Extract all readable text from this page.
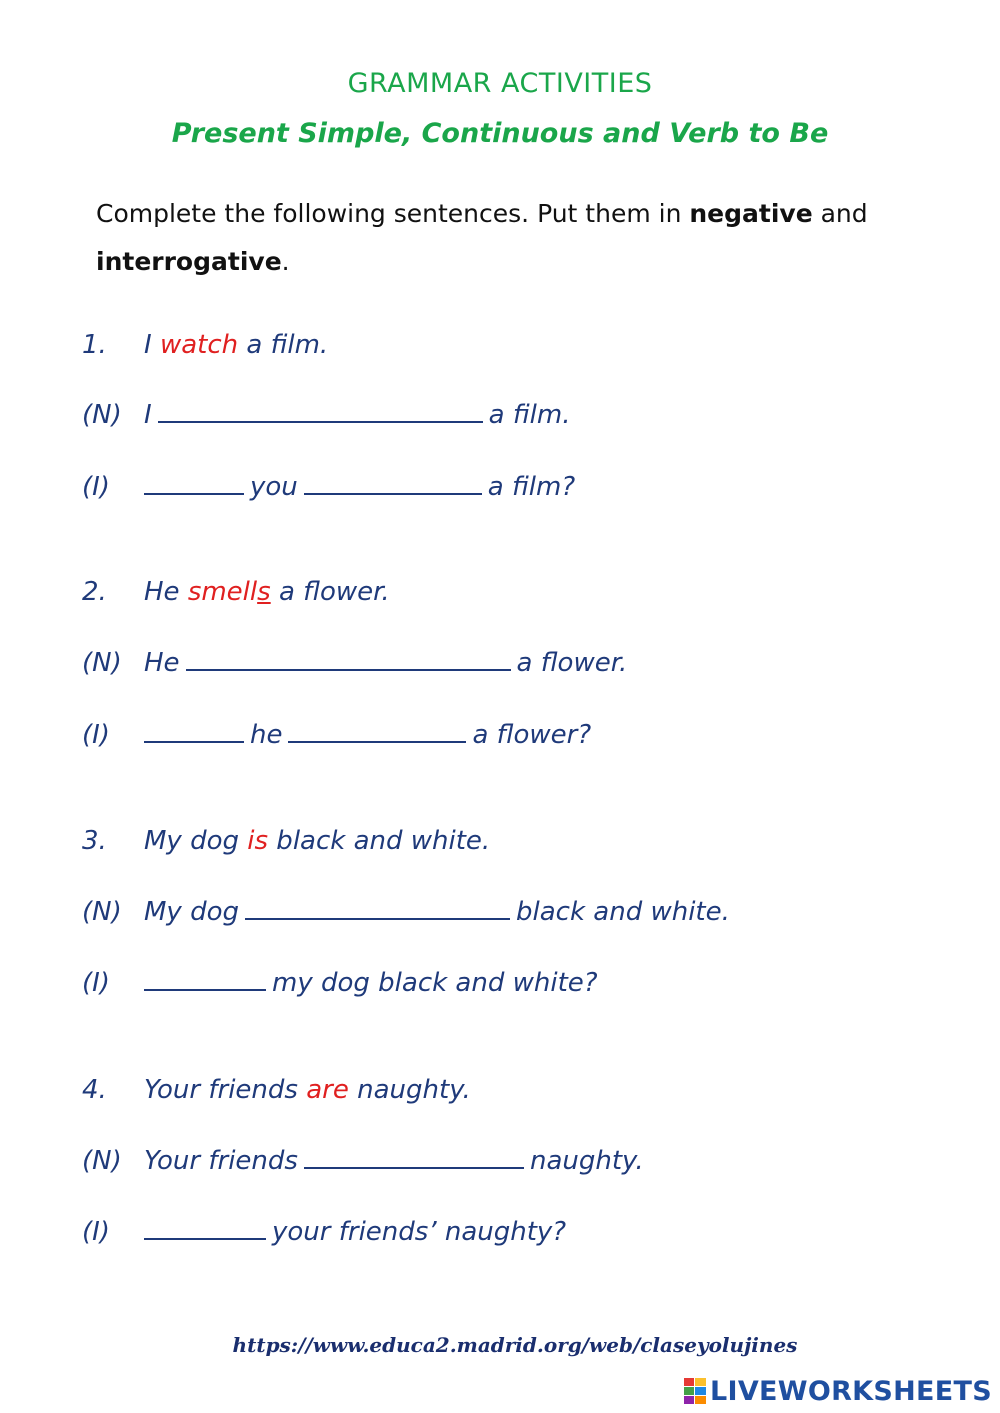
GRAMMAR ACTIVITIES
Present Simple, Continuous and Verb to Be
Complete the following sentences. Put them in negative and
interrogative.
1. I watch a film.
(N) I	a film.
(I)	you	a film?
2. He smells a flower.
(N) He	a flower.
(I)	he	a flower?
3. My dog is black and white.
(N) My dog	black and white.
(I)	my dog black and white?
4. Your friends are naughty.
(N) Your friends	naughty.
(I)	your friends’ naughty?
https://www.educa2.madrid.org/web/claseyolujines
LIVEWORKSHEETS
